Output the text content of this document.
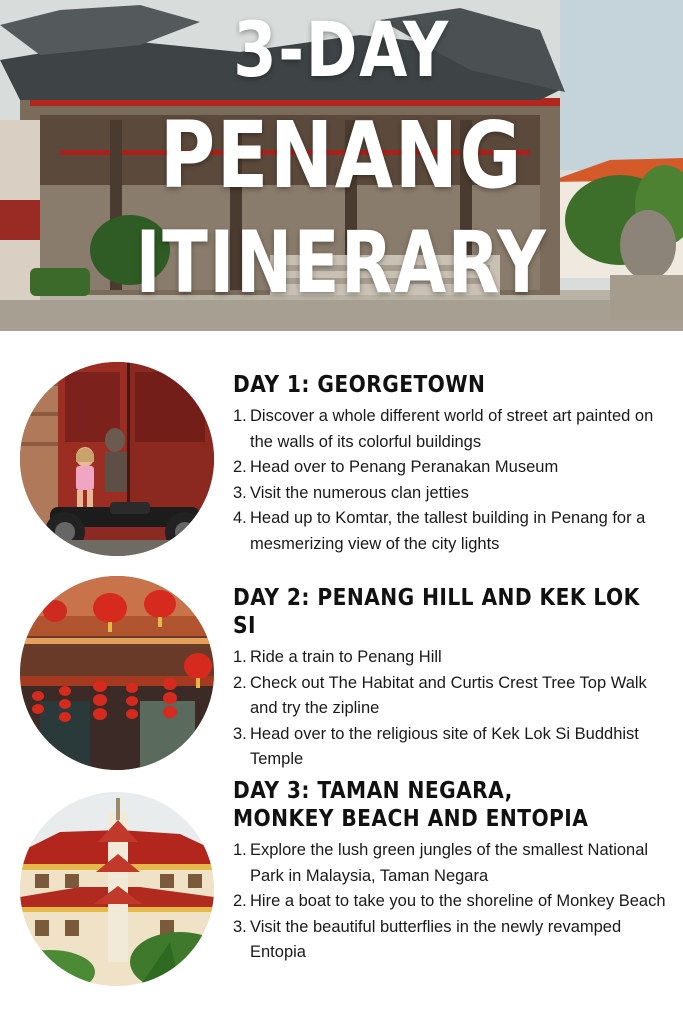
3-DAY
PENANG
ITINERARY
DAY 1: GEORGETOWN
1. Discover a whole different world of street art painted on the walls of its colorful buildings
2. Head over to Penang Peranakan Museum
3. Visit the numerous clan jetties
4. Head up to Komtar, the tallest building in Penang for a mesmerizing view of the city lights
DAY 2: PENANG HILL AND KEK LOK SI
1. Ride a train to Penang Hill
2. Check out The Habitat and Curtis Crest Tree Top Walk and try the zipline
3. Head over to the religious site of Kek Lok Si Buddhist Temple
DAY 3: TAMAN NEGARA, MONKEY BEACH AND ENTOPIA
1. Explore the lush green jungles of the smallest National Park in Malaysia, Taman Negara
2. Hire a boat to take you to the shoreline of Monkey Beach
3. Visit the beautiful butterflies in the newly revamped Entopia
